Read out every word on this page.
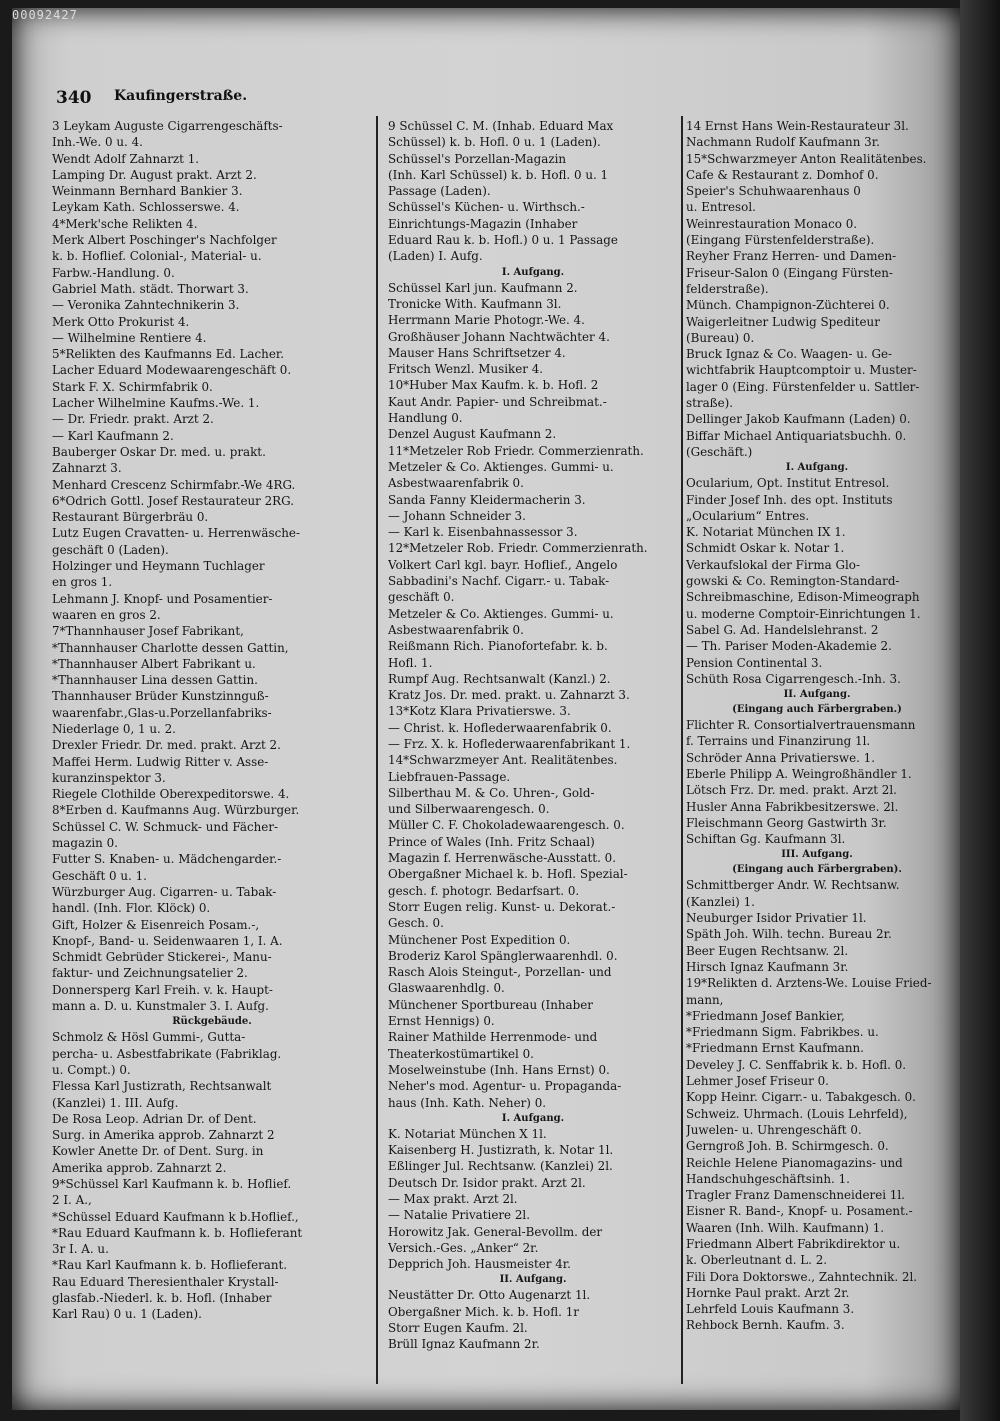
00092427
340 Kaufingerstraße.
3 Leykam Auguste Cigarrengeschäfts-
Inh.-We. 0 u. 4.
Wendt Adolf Zahnarzt 1.
Lamping Dr. August prakt. Arzt 2.
Weinmann Bernhard Bankier 3.
Leykam Kath. Schlosserswe. 4.
4*Merk'sche Relikten 4.
Merk Albert Poschinger's Nachfolger
k. b. Hoflief. Colonial-, Material- u.
Farbw.-Handlung. 0.
Gabriel Math. städt. Thorwart 3.
— Veronika Zahntechnikerin 3.
Merk Otto Prokurist 4.
— Wilhelmine Rentiere 4.
5*Relikten des Kaufmanns Ed. Lacher.
Lacher Eduard Modewaarengeschäft 0.
Stark F. X. Schirmfabrik 0.
Lacher Wilhelmine Kaufms.-We. 1.
— Dr. Friedr. prakt. Arzt 2.
— Karl Kaufmann 2.
Bauberger Oskar Dr. med. u. prakt.
Zahnarzt 3.
Menhard Crescenz Schirmfabr.-We 4RG.
6*Odrich Gottl. Josef Restaurateur 2RG.
Restaurant Bürgerbräu 0.
Lutz Eugen Cravatten- u. Herrenwäsche-
geschäft 0 (Laden).
Holzinger und Heymann Tuchlager
en gros 1.
Lehmann J. Knopf- und Posamentier-
waaren en gros 2.
7*Thannhauser Josef Fabrikant,
*Thannhauser Charlotte dessen Gattin,
*Thannhauser Albert Fabrikant u.
*Thannhauser Lina dessen Gattin.
Thannhauser Brüder Kunstzinnguß-
waarenfabr.,Glas-u.Porzellanfabriks-
Niederlage 0, 1 u. 2.
Drexler Friedr. Dr. med. prakt. Arzt 2.
Maffei Herm. Ludwig Ritter v. Asse-
kuranzinspektor 3.
Riegele Clothilde Oberexpeditorswe. 4.
8*Erben d. Kaufmanns Aug. Würzburger.
Schüssel C. W. Schmuck- und Fächer-
magazin 0.
Futter S. Knaben- u. Mädchengarder.-
Geschäft 0 u. 1.
Würzburger Aug. Cigarren- u. Tabak-
handl. (Inh. Flor. Klöck) 0.
Gift, Holzer & Eisenreich Posam.-,
Knopf-, Band- u. Seidenwaaren 1, I. A.
Schmidt Gebrüder Stickerei-, Manu-
faktur- und Zeichnungsatelier 2.
Donnersperg Karl Freih. v. k. Haupt-
mann a. D. u. Kunstmaler 3. I. Aufg.
Rückgebäude.
Schmolz & Hösl Gummi-, Gutta-
percha- u. Asbestfabrikate (Fabriklag.
u. Compt.) 0.
Flessa Karl Justizrath, Rechtsanwalt
(Kanzlei) 1. III. Aufg.
De Rosa Leop. Adrian Dr. of Dent.
Surg. in Amerika approb. Zahnarzt 2
Kowler Anette Dr. of Dent. Surg. in
Amerika approb. Zahnarzt 2.
9*Schüssel Karl Kaufmann k. b. Hoflief.
2 I. A.,
*Schüssel Eduard Kaufmann k b.Hoflief.,
*Rau Eduard Kaufmann k. b. Hoflieferant
3r I. A. u.
*Rau Karl Kaufmann k. b. Hoflieferant.
Rau Eduard Theresienthaler Krystall-
glasfab.-Niederl. k. b. Hofl. (Inhaber
Karl Rau) 0 u. 1 (Laden).
9 Schüssel C. M. (Inhab. Eduard Max
Schüssel) k. b. Hofl. 0 u. 1 (Laden).
Schüssel's Porzellan-Magazin
(Inh. Karl Schüssel) k. b. Hofl. 0 u. 1
Passage (Laden).
Schüssel's Küchen- u. Wirthsch.-
Einrichtungs-Magazin (Inhaber
Eduard Rau k. b. Hofl.) 0 u. 1 Passage
(Laden) I. Aufg.
I. Aufgang.
Schüssel Karl jun. Kaufmann 2.
Tronicke With. Kaufmann 3l.
Herrmann Marie Photogr.-We. 4.
Großhäuser Johann Nachtwächter 4.
Mauser Hans Schriftsetzer 4.
Fritsch Wenzl. Musiker 4.
10*Huber Max Kaufm. k. b. Hofl. 2
Kaut Andr. Papier- und Schreibmat.-
Handlung 0.
Denzel August Kaufmann 2.
11*Metzeler Rob Friedr. Commerzienrath.
Metzeler & Co. Aktienges. Gummi- u.
Asbestwaarenfabrik 0.
Sanda Fanny Kleidermacherin 3.
— Johann Schneider 3.
— Karl k. Eisenbahnassessor 3.
12*Metzeler Rob. Friedr. Commerzienrath.
Volkert Carl kgl. bayr. Hoflief., Angelo
Sabbadini's Nachf. Cigarr.- u. Tabak-
geschäft 0.
Metzeler & Co. Aktienges. Gummi- u.
Asbestwaarenfabrik 0.
Reißmann Rich. Pianofortefabr. k. b.
Hofl. 1.
Rumpf Aug. Rechtsanwalt (Kanzl.) 2.
Kratz Jos. Dr. med. prakt. u. Zahnarzt 3.
13*Kotz Klara Privatierswe. 3.
— Christ. k. Hoflederwaarenfabrik 0.
— Frz. X. k. Hoflederwaarenfabrikant 1.
14*Schwarzmeyer Ant. Realitätenbes.
Liebfrauen-Passage.
Silberthau M. & Co. Uhren-, Gold-
und Silberwaarengesch. 0.
Müller C. F. Chokoladewaarengesch. 0.
Prince of Wales (Inh. Fritz Schaal)
Magazin f. Herrenwäsche-Ausstatt. 0.
Obergaßner Michael k. b. Hofl. Spezial-
gesch. f. photogr. Bedarfsart. 0.
Storr Eugen relig. Kunst- u. Dekorat.-
Gesch. 0.
Münchener Post Expedition 0.
Broderiz Karol Spänglerwaarenhdl. 0.
Rasch Alois Steingut-, Porzellan- und
Glaswaarenhdlg. 0.
Münchener Sportbureau (Inhaber
Ernst Hennigs) 0.
Rainer Mathilde Herrenmode- und
Theaterkostümartikel 0.
Moselweinstube (Inh. Hans Ernst) 0.
Neher's mod. Agentur- u. Propaganda-
haus (Inh. Kath. Neher) 0.
I. Aufgang.
K. Notariat München X 1l.
Kaisenberg H. Justizrath, k. Notar 1l.
Eßlinger Jul. Rechtsanw. (Kanzlei) 2l.
Deutsch Dr. Isidor prakt. Arzt 2l.
— Max prakt. Arzt 2l.
— Natalie Privatiere 2l.
Horowitz Jak. General-Bevollm. der
Versich.-Ges. „Anker“ 2r.
Depprich Joh. Hausmeister 4r.
II. Aufgang.
Neustätter Dr. Otto Augenarzt 1l.
Obergaßner Mich. k. b. Hofl. 1r
Storr Eugen Kaufm. 2l.
Brüll Ignaz Kaufmann 2r.
14 Ernst Hans Wein-Restaurateur 3l.
Nachmann Rudolf Kaufmann 3r.
15*Schwarzmeyer Anton Realitätenbes.
Cafe & Restaurant z. Domhof 0.
Speier's Schuhwaarenhaus 0
u. Entresol.
Weinrestauration Monaco 0.
(Eingang Fürstenfelderstraße).
Reyher Franz Herren- und Damen-
Friseur-Salon 0 (Eingang Fürsten-
felderstraße).
Münch. Champignon-Züchterei 0.
Waigerleitner Ludwig Spediteur
(Bureau) 0.
Bruck Ignaz & Co. Waagen- u. Ge-
wichtfabrik Hauptcomptoir u. Muster-
lager 0 (Eing. Fürstenfelder u. Sattler-
straße).
Dellinger Jakob Kaufmann (Laden) 0.
Biffar Michael Antiquariatsbuchh. 0.
(Geschäft.)
I. Aufgang.
Ocularium, Opt. Institut Entresol.
Finder Josef Inh. des opt. Instituts
„Ocularium“ Entres.
K. Notariat München IX 1.
Schmidt Oskar k. Notar 1.
Verkaufslokal der Firma Glo-
gowski & Co. Remington-Standard-
Schreibmaschine, Edison-Mimeograph
u. moderne Comptoir-Einrichtungen 1.
Sabel G. Ad. Handelslehranst. 2
— Th. Pariser Moden-Akademie 2.
Pension Continental 3.
Schüth Rosa Cigarrengesch.-Inh. 3.
II. Aufgang.
(Eingang auch Färbergraben.)
Flichter R. Consortialvertrauensmann
f. Terrains und Finanzirung 1l.
Schröder Anna Privatierswe. 1.
Eberle Philipp A. Weingroßhändler 1.
Lötsch Frz. Dr. med. prakt. Arzt 2l.
Husler Anna Fabrikbesitzerswe. 2l.
Fleischmann Georg Gastwirth 3r.
Schiftan Gg. Kaufmann 3l.
III. Aufgang.
(Eingang auch Färbergraben).
Schmittberger Andr. W. Rechtsanw.
(Kanzlei) 1.
Neuburger Isidor Privatier 1l.
Späth Joh. Wilh. techn. Bureau 2r.
Beer Eugen Rechtsanw. 2l.
Hirsch Ignaz Kaufmann 3r.
19*Relikten d. Arztens-We. Louise Fried-
mann,
*Friedmann Josef Bankier,
*Friedmann Sigm. Fabrikbes. u.
*Friedmann Ernst Kaufmann.
Develey J. C. Senffabrik k. b. Hofl. 0.
Lehmer Josef Friseur 0.
Kopp Heinr. Cigarr.- u. Tabakgesch. 0.
Schweiz. Uhrmach. (Louis Lehrfeld),
Juwelen- u. Uhrengeschäft 0.
Gerngroß Joh. B. Schirmgesch. 0.
Reichle Helene Pianomagazins- und
Handschuhgeschäftsinh. 1.
Tragler Franz Damenschneiderei 1l.
Eisner R. Band-, Knopf- u. Posament.-
Waaren (Inh. Wilh. Kaufmann) 1.
Friedmann Albert Fabrikdirektor u.
k. Oberleutnant d. L. 2.
Fili Dora Doktorswe., Zahntechnik. 2l.
Hornke Paul prakt. Arzt 2r.
Lehrfeld Louis Kaufmann 3.
Rehbock Bernh. Kaufm. 3.
